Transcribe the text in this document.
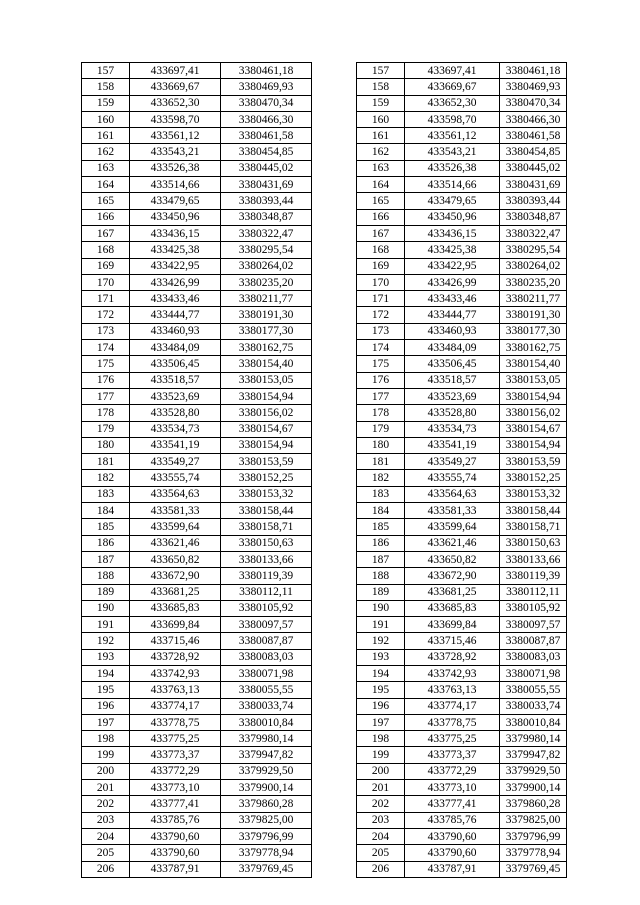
157	433697,41	3380461,18		157	433697,41	3380461,18
158	433669,67	3380469,93		158	433669,67	3380469,93
159	433652,30	3380470,34		159	433652,30	3380470,34
160	433598,70	3380466,30		160	433598,70	3380466,30
161	433561,12	3380461,58		161	433561,12	3380461,58
162	433543,21	3380454,85		162	433543,21	3380454,85
163	433526,38	3380445,02		163	433526,38	3380445,02
164	433514,66	3380431,69		164	433514,66	3380431,69
165	433479,65	3380393,44		165	433479,65	3380393,44
166	433450,96	3380348,87		166	433450,96	3380348,87
167	433436,15	3380322,47		167	433436,15	3380322,47
168	433425,38	3380295,54		168	433425,38	3380295,54
169	433422,95	3380264,02		169	433422,95	3380264,02
170	433426,99	3380235,20		170	433426,99	3380235,20
171	433433,46	3380211,77		171	433433,46	3380211,77
172	433444,77	3380191,30		172	433444,77	3380191,30
173	433460,93	3380177,30		173	433460,93	3380177,30
174	433484,09	3380162,75		174	433484,09	3380162,75
175	433506,45	3380154,40		175	433506,45	3380154,40
176	433518,57	3380153,05		176	433518,57	3380153,05
177	433523,69	3380154,94		177	433523,69	3380154,94
178	433528,80	3380156,02		178	433528,80	3380156,02
179	433534,73	3380154,67		179	433534,73	3380154,67
180	433541,19	3380154,94		180	433541,19	3380154,94
181	433549,27	3380153,59		181	433549,27	3380153,59
182	433555,74	3380152,25		182	433555,74	3380152,25
183	433564,63	3380153,32		183	433564,63	3380153,32
184	433581,33	3380158,44		184	433581,33	3380158,44
185	433599,64	3380158,71		185	433599,64	3380158,71
186	433621,46	3380150,63		186	433621,46	3380150,63
187	433650,82	3380133,66		187	433650,82	3380133,66
188	433672,90	3380119,39		188	433672,90	3380119,39
189	433681,25	3380112,11		189	433681,25	3380112,11
190	433685,83	3380105,92		190	433685,83	3380105,92
191	433699,84	3380097,57		191	433699,84	3380097,57
192	433715,46	3380087,87		192	433715,46	3380087,87
193	433728,92	3380083,03		193	433728,92	3380083,03
194	433742,93	3380071,98		194	433742,93	3380071,98
195	433763,13	3380055,55		195	433763,13	3380055,55
196	433774,17	3380033,74		196	433774,17	3380033,74
197	433778,75	3380010,84		197	433778,75	3380010,84
198	433775,25	3379980,14		198	433775,25	3379980,14
199	433773,37	3379947,82		199	433773,37	3379947,82
200	433772,29	3379929,50		200	433772,29	3379929,50
201	433773,10	3379900,14		201	433773,10	3379900,14
202	433777,41	3379860,28		202	433777,41	3379860,28
203	433785,76	3379825,00		203	433785,76	3379825,00
204	433790,60	3379796,99		204	433790,60	3379796,99
205	433790,60	3379778,94		205	433790,60	3379778,94
206	433787,91	3379769,45		206	433787,91	3379769,45
